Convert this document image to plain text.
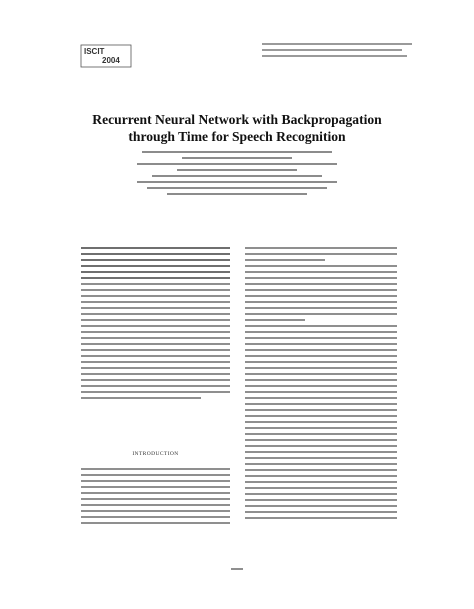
ISCIT
2004
Recurrent Neural Network with Backpropagation
through Time for Speech Recognition
INTRODUCTION
